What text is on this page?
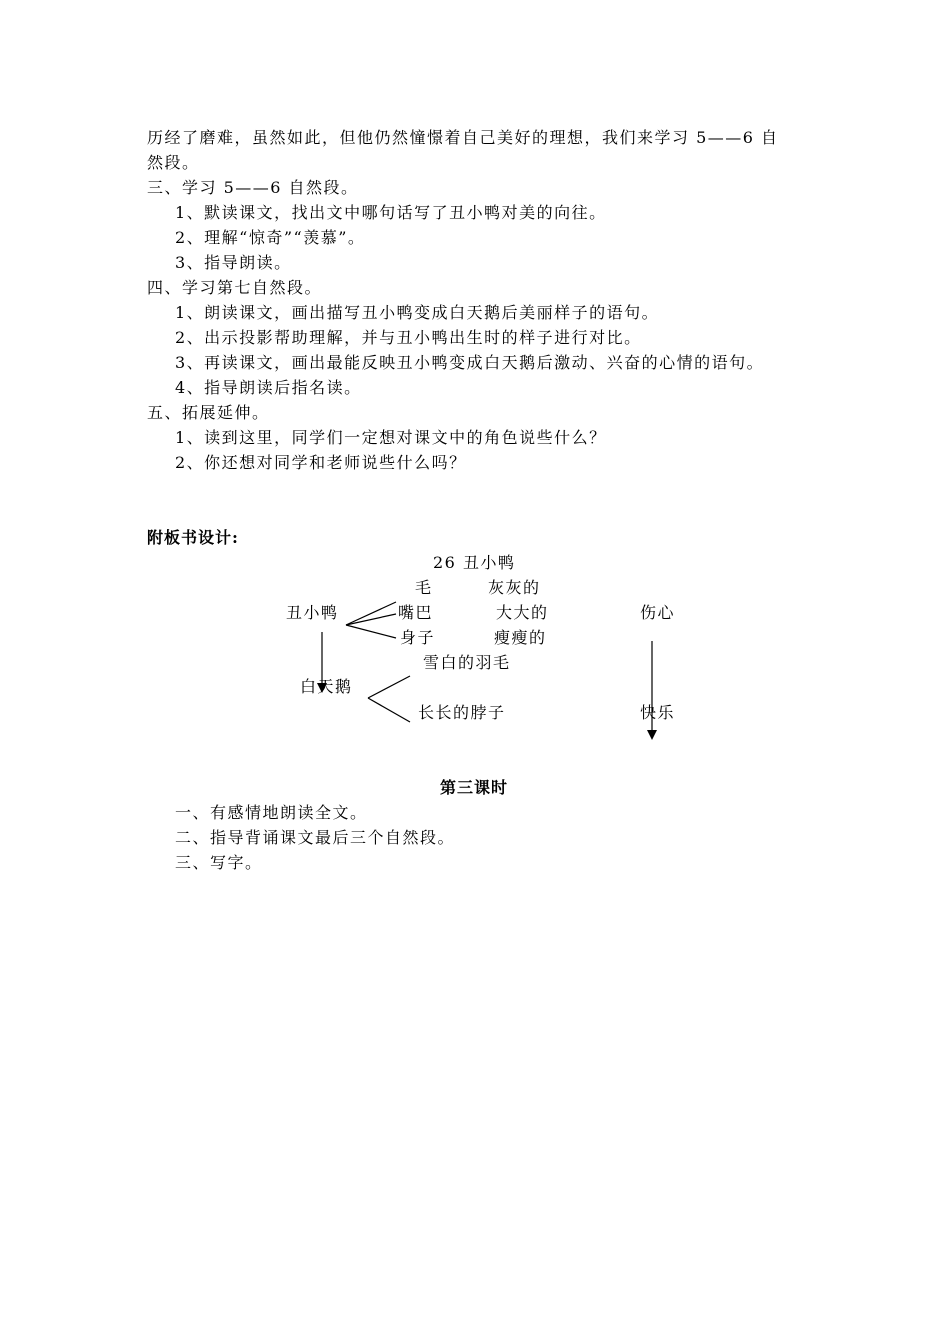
历经了磨难，虽然如此，但他仍然憧憬着自己美好的理想，我们来学习 5——6 自
然段。
三、学习 5——6 自然段。
1、默读课文，找出文中哪句话写了丑小鸭对美的向往。
2、理解“惊奇”“羡慕”。
3、指导朗读。
四、学习第七自然段。
1、朗读课文，画出描写丑小鸭变成白天鹅后美丽样子的语句。
2、出示投影帮助理解，并与丑小鸭出生时的样子进行对比。
3、再读课文，画出最能反映丑小鸭变成白天鹅后激动、兴奋的心情的语句。
4、指导朗读后指名读。
五、拓展延伸。
1、读到这里，同学们一定想对课文中的角色说些什么？
2、你还想对同学和老师说些什么吗？
附板书设计:
26 丑小鸭
毛	灰灰的
丑小鸭	嘴巴	大大的	伤心
身子	瘦瘦的
雪白的羽毛
白天鹅
长长的脖子	快乐
第三课时
一、有感情地朗读全文。
二、指导背诵课文最后三个自然段。
三、写字。
